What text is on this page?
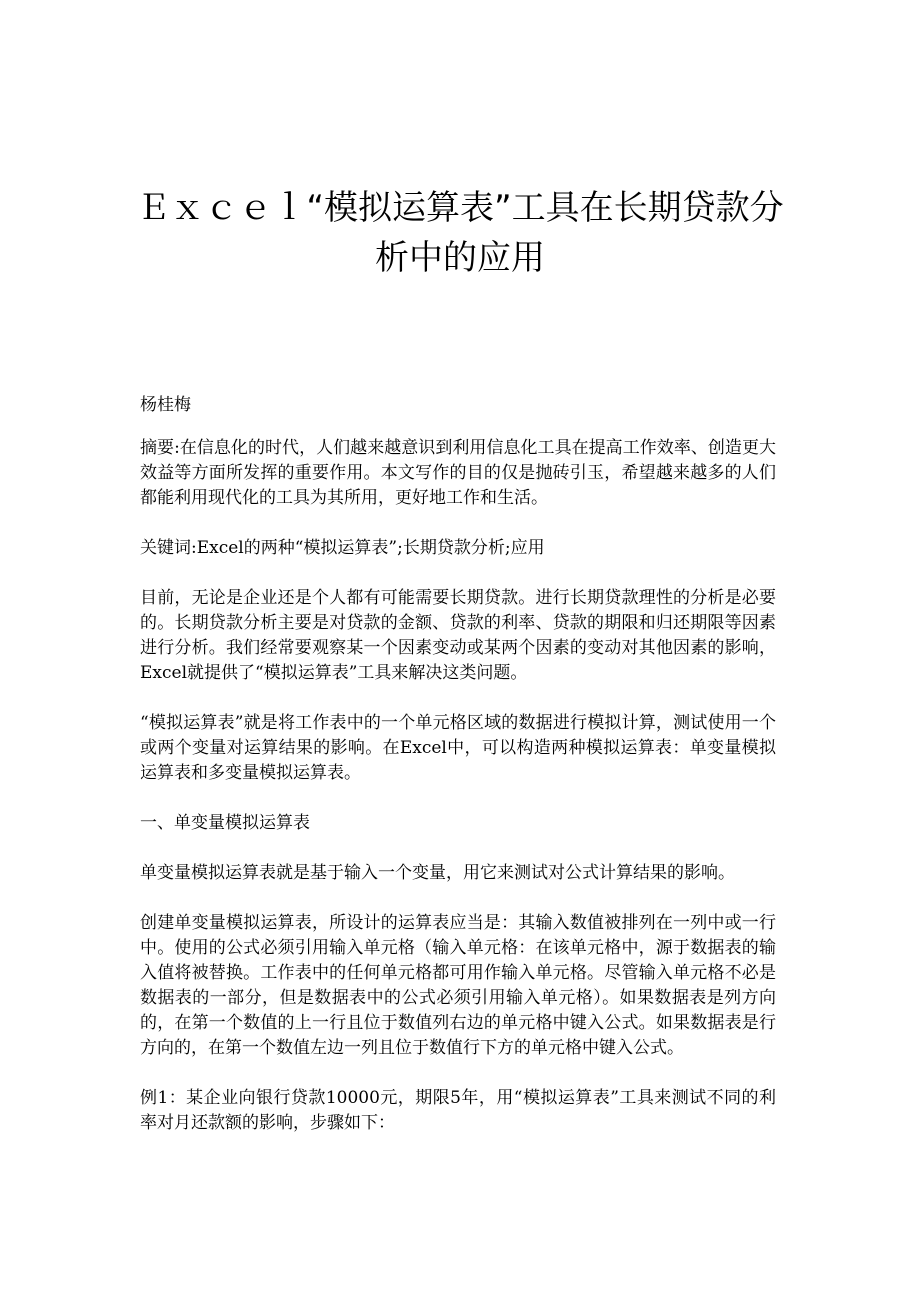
Ｅｘｃｅｌ“模拟运算表”工具在长期贷款分析中的应用

杨桂梅

摘要:在信息化的时代，人们越来越意识到利用信息化工具在提高工作效率、创造更大效益等方面所发挥的重要作用。本文写作的目的仅是抛砖引玉，希望越来越多的人们都能利用现代化的工具为其所用，更好地工作和生活。

关键词:Excel的两种“模拟运算表”;长期贷款分析;应用

目前，无论是企业还是个人都有可能需要长期贷款。进行长期贷款理性的分析是必要的。长期贷款分析主要是对贷款的金额、贷款的利率、贷款的期限和归还期限等因素进行分析。我们经常要观察某一个因素变动或某两个因素的变动对其他因素的影响，Excel就提供了“模拟运算表”工具来解决这类问题。

“模拟运算表”就是将工作表中的一个单元格区域的数据进行模拟计算，测试使用一个或两个变量对运算结果的影响。在Excel中，可以构造两种模拟运算表：单变量模拟运算表和多变量模拟运算表。

一、单变量模拟运算表

单变量模拟运算表就是基于输入一个变量，用它来测试对公式计算结果的影响。

创建单变量模拟运算表，所设计的运算表应当是：其输入数值被排列在一列中或一行中。使用的公式必须引用输入单元格（输入单元格：在该单元格中，源于数据表的输入值将被替换。工作表中的任何单元格都可用作输入单元格。尽管输入单元格不必是数据表的一部分，但是数据表中的公式必须引用输入单元格）。如果数据表是列方向的，在第一个数值的上一行且位于数值列右边的单元格中键入公式。如果数据表是行方向的，在第一个数值左边一列且位于数值行下方的单元格中键入公式。

例1：某企业向银行贷款10000元，期限5年，用“模拟运算表”工具来测试不同的利率对月还款额的影响，步骤如下：
